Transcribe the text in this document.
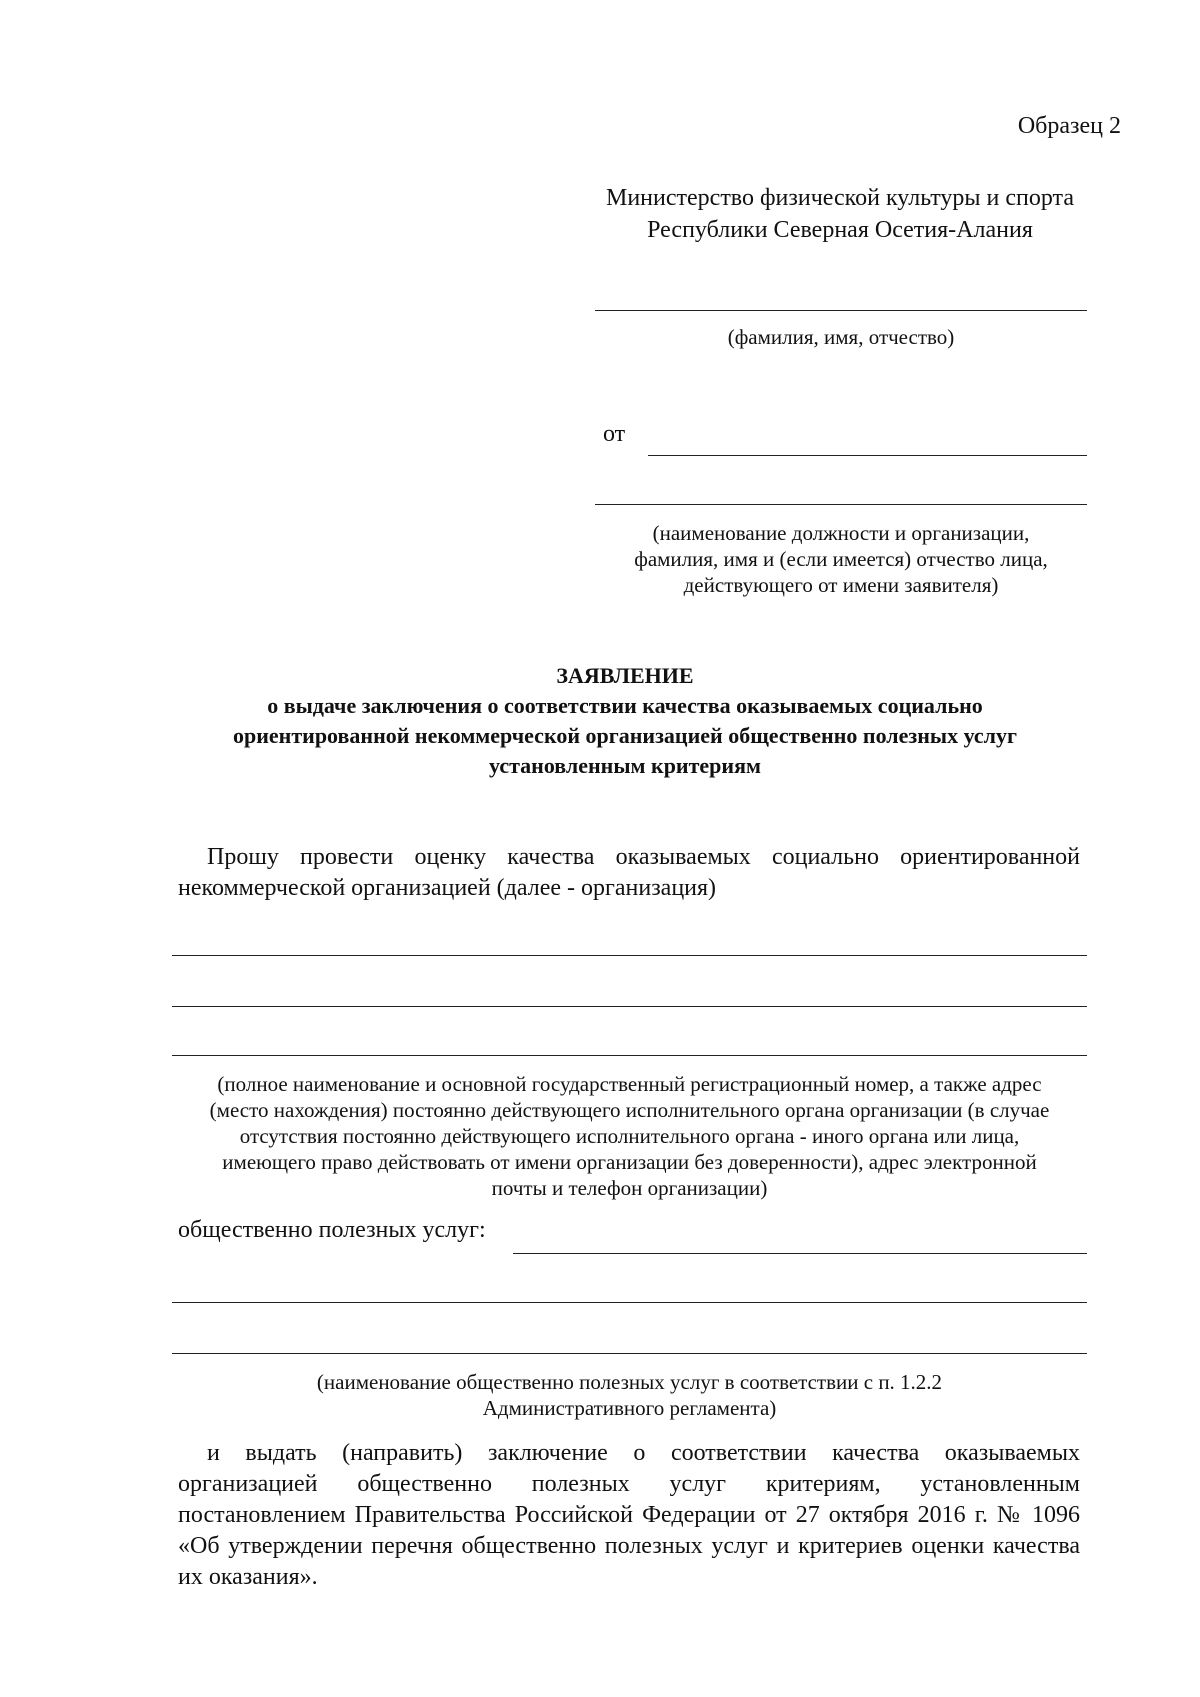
Образец 2
Министерство физической культуры и спорта
Республики Северная Осетия-Алания
(фамилия, имя, отчество)
от
(наименование должности и организации,
фамилия, имя и (если имеется) отчество лица,
действующего от имени заявителя)
ЗАЯВЛЕНИЕ
о выдаче заключения о соответствии качества оказываемых социально
ориентированной некоммерческой организацией общественно полезных услуг
установленным критериям
Прошу провести оценку качества оказываемых социально ориентированной
некоммерческой организацией (далее - организация)
(полное наименование и основной государственный регистрационный номер, а также адрес
(место нахождения) постоянно действующего исполнительного органа организации (в случае
отсутствия постоянно действующего исполнительного органа - иного органа или лица,
имеющего право действовать от имени организации без доверенности), адрес электронной
почты и телефон организации)
общественно полезных услуг:
(наименование общественно полезных услуг в соответствии с п. 1.2.2
Административного регламента)
и выдать (направить) заключение о соответствии качества оказываемых
организацией общественно полезных услуг критериям, установленным
постановлением Правительства Российской Федерации от 27 октября 2016 г. № 1096
«Об утверждении перечня общественно полезных услуг и критериев оценки качества
их оказания».
